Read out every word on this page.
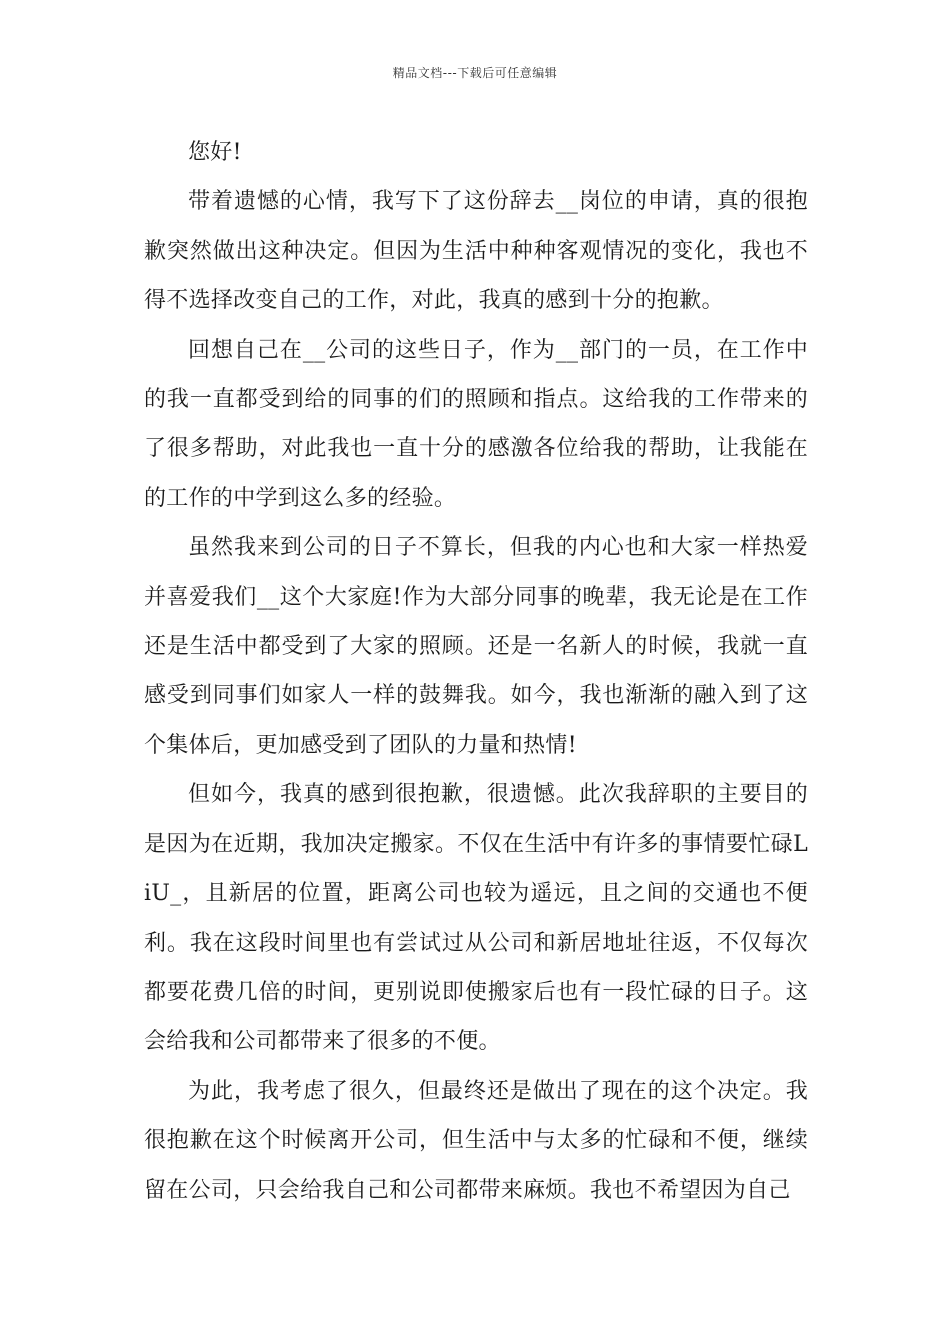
精品文档---下载后可任意编辑

您好!

带着遗憾的心情，我写下了这份辞去__岗位的申请，真的很抱歉突然做出这种决定。但因为生活中种种客观情况的变化，我也不得不选择改变自己的工作，对此，我真的感到十分的抱歉。

回想自己在__公司的这些日子，作为__部门的一员，在工作中的我一直都受到给的同事的们的照顾和指点。这给我的工作带来的了很多帮助，对此我也一直十分的感激各位给我的帮助，让我能在的工作的中学到这么多的经验。

虽然我来到公司的日子不算长，但我的内心也和大家一样热爱并喜爱我们__这个大家庭!作为大部分同事的晚辈，我无论是在工作还是生活中都受到了大家的照顾。还是一名新人的时候，我就一直感受到同事们如家人一样的鼓舞我。如今，我也渐渐的融入到了这个集体后，更加感受到了团队的力量和热情!

但如今，我真的感到很抱歉，很遗憾。此次我辞职的主要目的是因为在近期，我加决定搬家。不仅在生活中有许多的事情要忙碌LiU_，且新居的位置，距离公司也较为遥远，且之间的交通也不便利。我在这段时间里也有尝试过从公司和新居地址往返，不仅每次都要花费几倍的时间，更别说即使搬家后也有一段忙碌的日子。这会给我和公司都带来了很多的不便。

为此，我考虑了很久，但最终还是做出了现在的这个决定。我很抱歉在这个时候离开公司，但生活中与太多的忙碌和不便，继续留在公司，只会给我自己和公司都带来麻烦。我也不希望因为自己
